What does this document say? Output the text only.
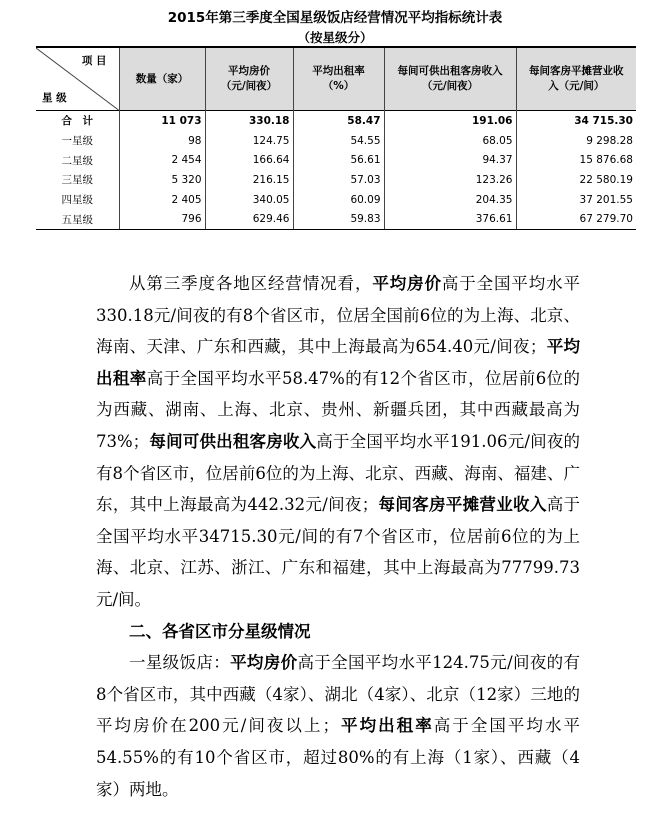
2015年第三季度全国星级饭店经营情况平均指标统计表
（按星级分）
项 目
星 级	数量（家）	平均房价（元/间夜）	平均出租率（%）	每间可供出租客房收入（元/间夜）	每间客房平摊营业收入（元/间）
合　计	11 073	330.18	58.47	191.06	34 715.30
一星级	98	124.75	54.55	68.05	9 298.28
二星级	2 454	166.64	56.61	94.37	15 876.68
三星级	5 320	216.15	57.03	123.26	22 580.19
四星级	2 405	340.05	60.09	204.35	37 201.55
五星级	796	629.46	59.83	376.61	67 279.70

从第三季度各地区经营情况看，平均房价高于全国平均水平330.18元/间夜的有8个省区市，位居全国前6位的为上海、北京、海南、天津、广东和西藏，其中上海最高为654.40元/间夜；平均出租率高于全国平均水平58.47%的有12个省区市，位居前6位的为西藏、湖南、上海、北京、贵州、新疆兵团，其中西藏最高为73%；每间可供出租客房收入高于全国平均水平191.06元/间夜的有8个省区市，位居前6位的为上海、北京、西藏、海南、福建、广东，其中上海最高为442.32元/间夜；每间客房平摊营业收入高于全国平均水平34715.30元/间的有7个省区市，位居前6位的为上海、北京、江苏、浙江、广东和福建，其中上海最高为77799.73元/间。

二、各省区市分星级情况

一星级饭店：平均房价高于全国平均水平124.75元/间夜的有8个省区市，其中西藏（4家）、湖北（4家）、北京（12家）三地的平均房价在200元/间夜以上；平均出租率高于全国平均水平54.55%的有10个省区市，超过80%的有上海（1家）、西藏（4家）两地。
